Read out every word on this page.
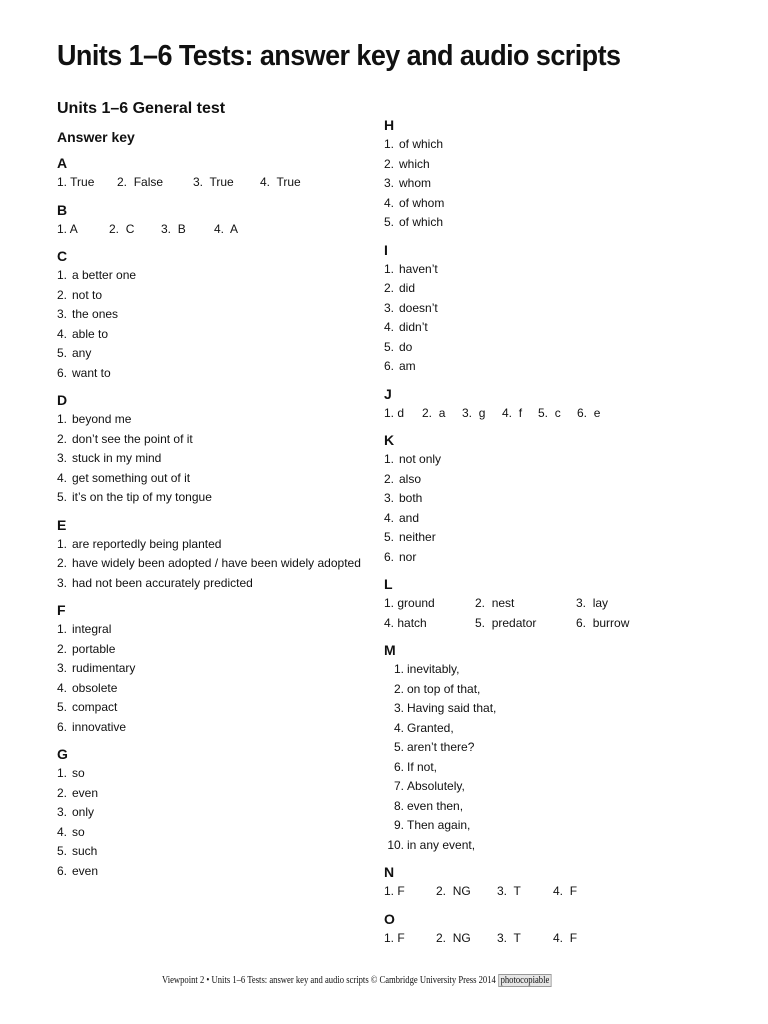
Units 1–6 Tests: answer key and audio scripts
Units 1–6 General test
Answer key
A
1. True	2. False	3. True	4. True
B
1. A	2. C	3. B	4. A
C
1. a better one
2. not to
3. the ones
4. able to
5. any
6. want to
D
1. beyond me
2. don’t see the point of it
3. stuck in my mind
4. get something out of it
5. it’s on the tip of my tongue
E
1. are reportedly being planted
2. have widely been adopted / have been widely adopted
3. had not been accurately predicted
F
1. integral
2. portable
3. rudimentary
4. obsolete
5. compact
6. innovative
G
1. so
2. even
3. only
4. so
5. such
6. even
H
1. of which
2. which
3. whom
4. of whom
5. of which
I
1. haven’t
2. did
3. doesn’t
4. didn’t
5. do
6. am
J
1. d	2. a	3. g	4. f	5. c	6. e
K
1. not only
2. also
3. both
4. and
5. neither
6. nor
L
1. ground	2. nest	3. lay
4. hatch	5. predator	6. burrow
M
1. inevitably,
2. on top of that,
3. Having said that,
4. Granted,
5. aren’t there?
6. If not,
7. Absolutely,
8. even then,
9. Then again,
10. in any event,
N
1. F	2. NG	3. T	4. F
O
1. F	2. NG	3. T	4. F
Viewpoint 2 • Units 1–6 Tests: answer key and audio scripts © Cambridge University Press 2014 photocopiable
